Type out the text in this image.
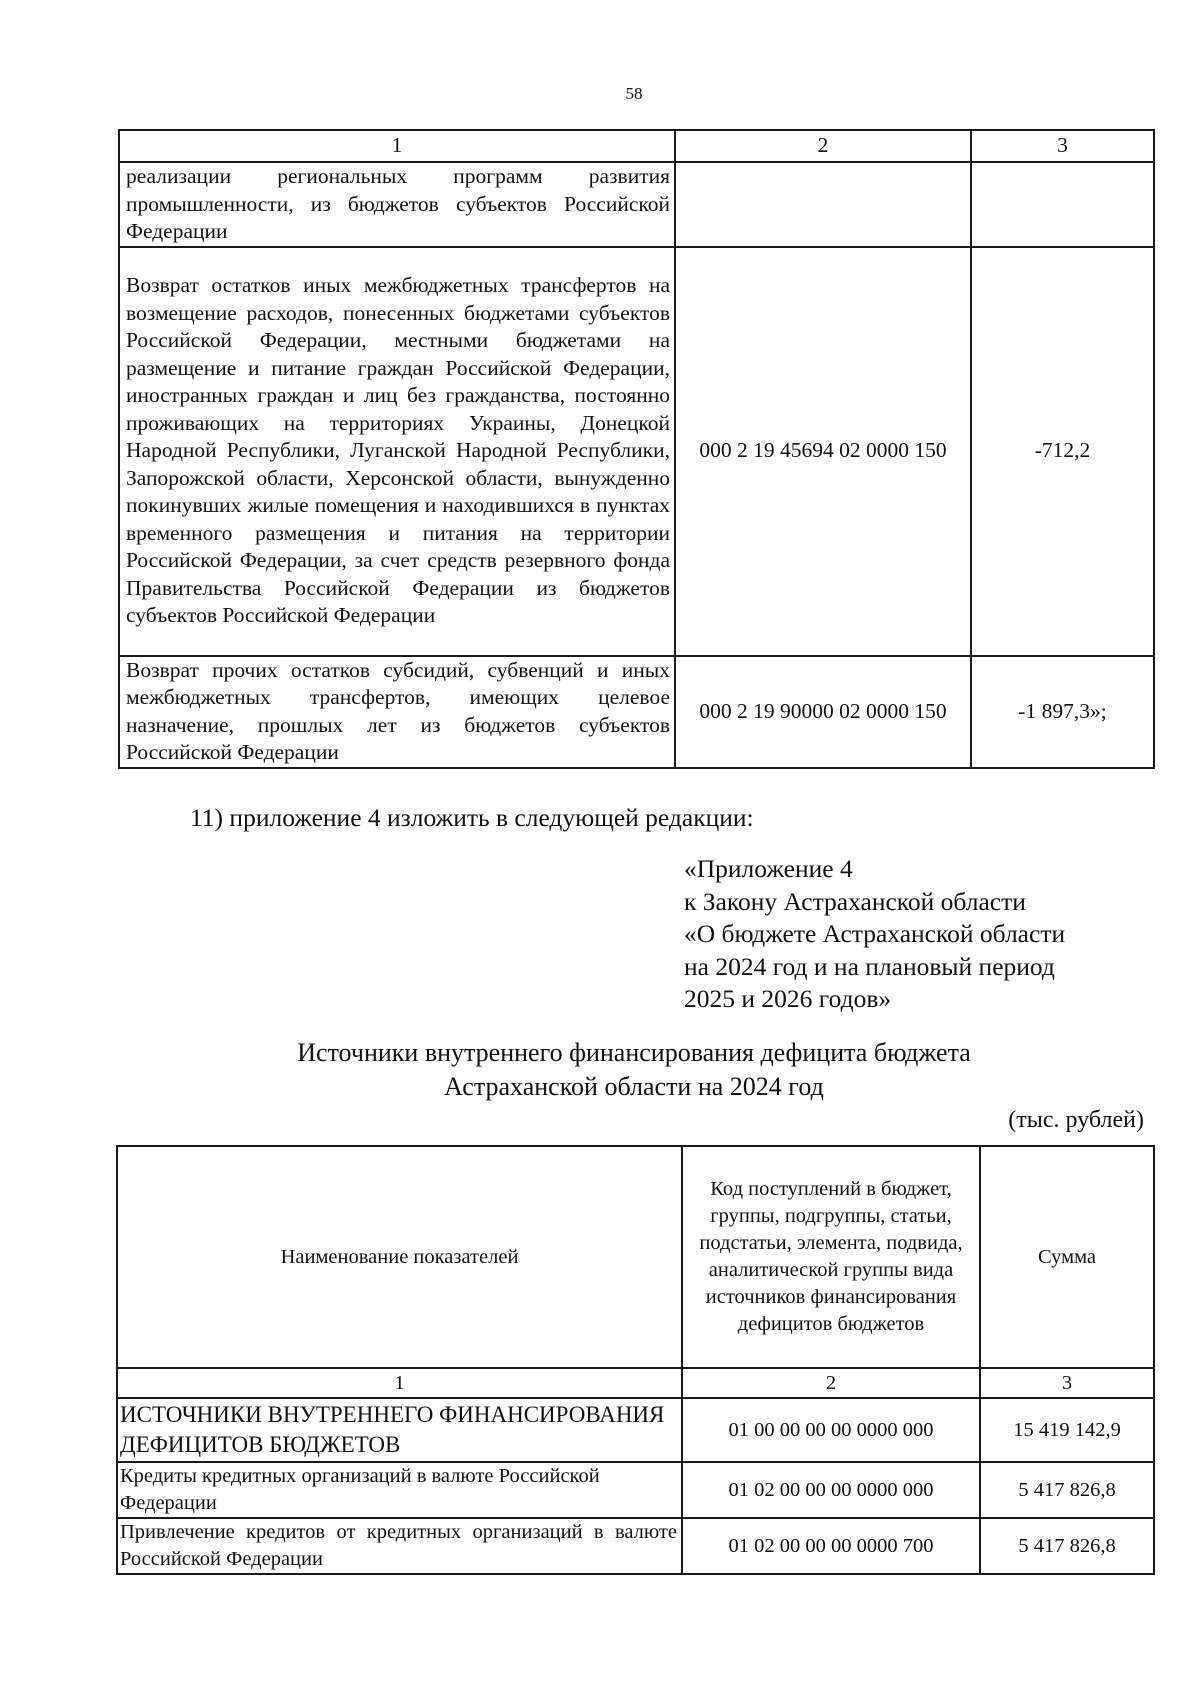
58
1	2	3
реализации региональных программ развития промышленности, из бюджетов субъектов Российской Федерации		
Возврат остатков иных межбюджетных трансфертов на возмещение расходов, понесенных бюджетами субъектов Российской Федерации, местными бюджетами на размещение и питание граждан Российской Федерации, иностранных граждан и лиц без гражданства, постоянно проживающих на территориях Украины, Донецкой Народной Республики, Луганской Народной Республики, Запорожской области, Херсонской области, вынужденно покинувших жилые помещения и находившихся в пунктах временного размещения и питания на территории Российской Федерации, за счет средств резервного фонда Правительства Российской Федерации из бюджетов субъектов Российской Федерации	000 2 19 45694 02 0000 150	-712,2
Возврат прочих остатков субсидий, субвенций и иных межбюджетных трансфертов, имеющих целевое назначение, прошлых лет из бюджетов субъектов Российской Федерации	000 2 19 90000 02 0000 150	-1 897,3»;
11) приложение 4 изложить в следующей редакции:
«Приложение 4
к Закону Астраханской области
«О бюджете Астраханской области
на 2024 год и на плановый период
2025 и 2026 годов»
Источники внутреннего финансирования дефицита бюджета
Астраханской области на 2024 год
(тыс. рублей)
Наименование показателей	Код поступлений в бюджет, группы, подгруппы, статьи, подстатьи, элемента, подвида, аналитической группы вида источников финансирования дефицитов бюджетов	Сумма
1	2	3
ИСТОЧНИКИ ВНУТРЕННЕГО ФИНАНСИРОВАНИЯ ДЕФИЦИТОВ БЮДЖЕТОВ	01 00 00 00 00 0000 000	15 419 142,9
Кредиты кредитных организаций в валюте Российской Федерации	01 02 00 00 00 0000 000	5 417 826,8
Привлечение кредитов от кредитных организаций в валюте Российской Федерации	01 02 00 00 00 0000 700	5 417 826,8
